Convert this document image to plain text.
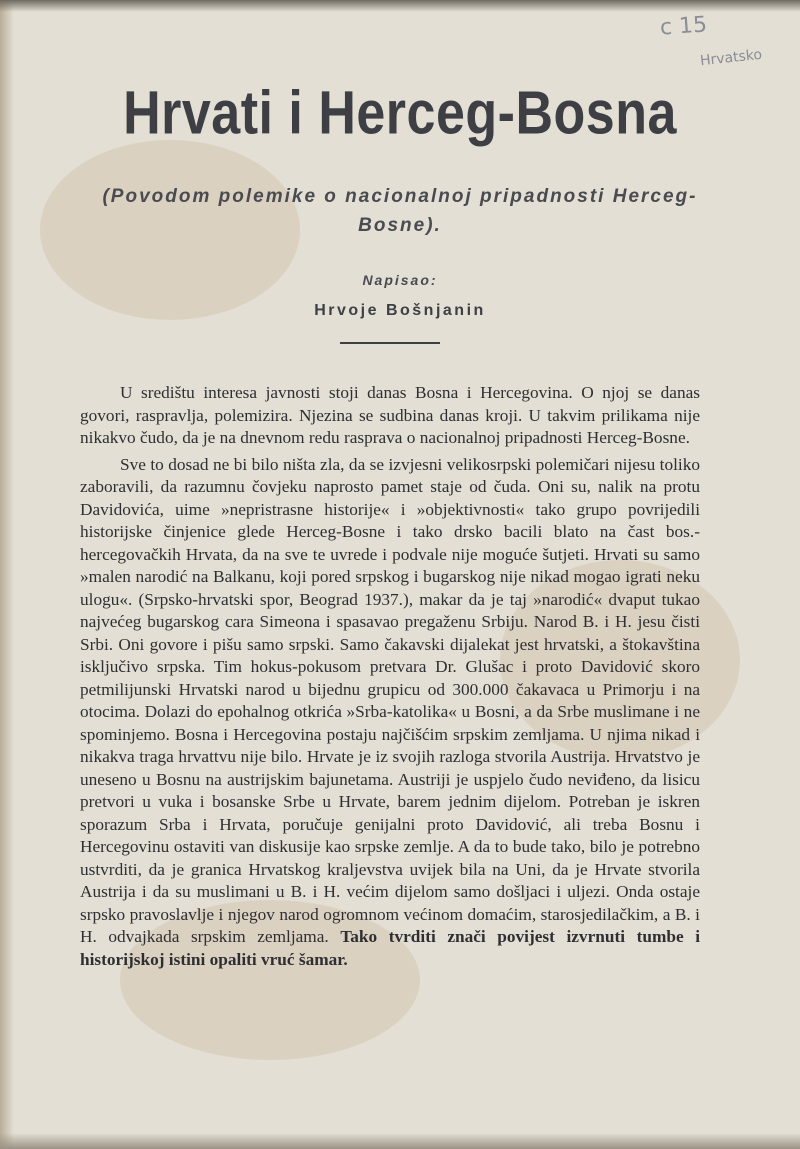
c 15
Hrvatsko
Hrvati i Herceg-Bosna

(Povodom polemike o nacionalnoj pripadnosti Herceg-Bosne).

Napisao:
Hrvoje Bošnjanin

U središtu interesa javnosti stoji danas Bosna i Hercegovina. O njoj se danas govori, raspravlja, polemizira. Njezina se sudbina danas kroji. U takvim prilikama nije nikakvo čudo, da je na dnevnom redu rasprava o nacionalnoj pripadnosti Herceg-Bosne.

Sve to dosad ne bi bilo ništa zla, da se izvjesni velikosrpski polemičari nijesu toliko zaboravili, da razumnu čovjeku naprosto pamet staje od čuda. Oni su, nalik na protu Davidovića, uime »nepristrasne historije« i »objektivnosti« tako grupo povrijedili historijske činjenice glede Herceg-Bosne i tako drsko bacili blato na čast bos.-hercegovačkih Hrvata, da na sve te uvrede i podvale nije moguće šutjeti. Hrvati su samo »malen narodić na Balkanu, koji pored srpskog i bugarskog nije nikad mogao igrati neku ulogu«. (Srpsko-hrvatski spor, Beograd 1937.), makar da je taj »narodić« dvaput tukao najvećeg bugarskog cara Simeona i spasavao pregaženu Srbiju. Narod B. i H. jesu čisti Srbi. Oni govore i pišu samo srpski. Samo čakavski dijalekat jest hrvatski, a štokavština isključivo srpska. Tim hokus-pokusom pretvara Dr. Glušac i proto Davidović skoro petmilijunski Hrvatski narod u bijednu grupicu od 300.000 čakavaca u Primorju i na otocima. Dolazi do epohalnog otkrića »Srba-katolika« u Bosni, a da Srbe muslimane i ne spominjemo. Bosna i Hercegovina postaju najčišćim srpskim zemljama. U njima nikad i nikakva traga hrvattvu nije bilo. Hrvate je iz svojih razloga stvorila Austrija. Hrvatstvo je uneseno u Bosnu na austrijskim bajunetama. Austriji je uspjelo čudo neviđeno, da lisicu pretvori u vuka i bosanske Srbe u Hrvate, barem jednim dijelom. Potreban je iskren sporazum Srba i Hrvata, poručuje genijalni proto Davidović, ali treba Bosnu i Hercegovinu ostaviti van diskusije kao srpske zemlje. A da to bude tako, bilo je potrebno ustvrditi, da je granica Hrvatskog kraljevstva uvijek bila na Uni, da je Hrvate stvorila Austrija i da su muslimani u B. i H. većim dijelom samo došljaci i uljezi. Onda ostaje srpsko pravoslavlje i njegov narod ogromnom većinom domaćim, starosjedilačkim, a B. i H. odvajkada srpskim zemljama. Tako tvrditi znači povijest izvrnuti tumbe i historijskoj istini opaliti vruć šamar.
